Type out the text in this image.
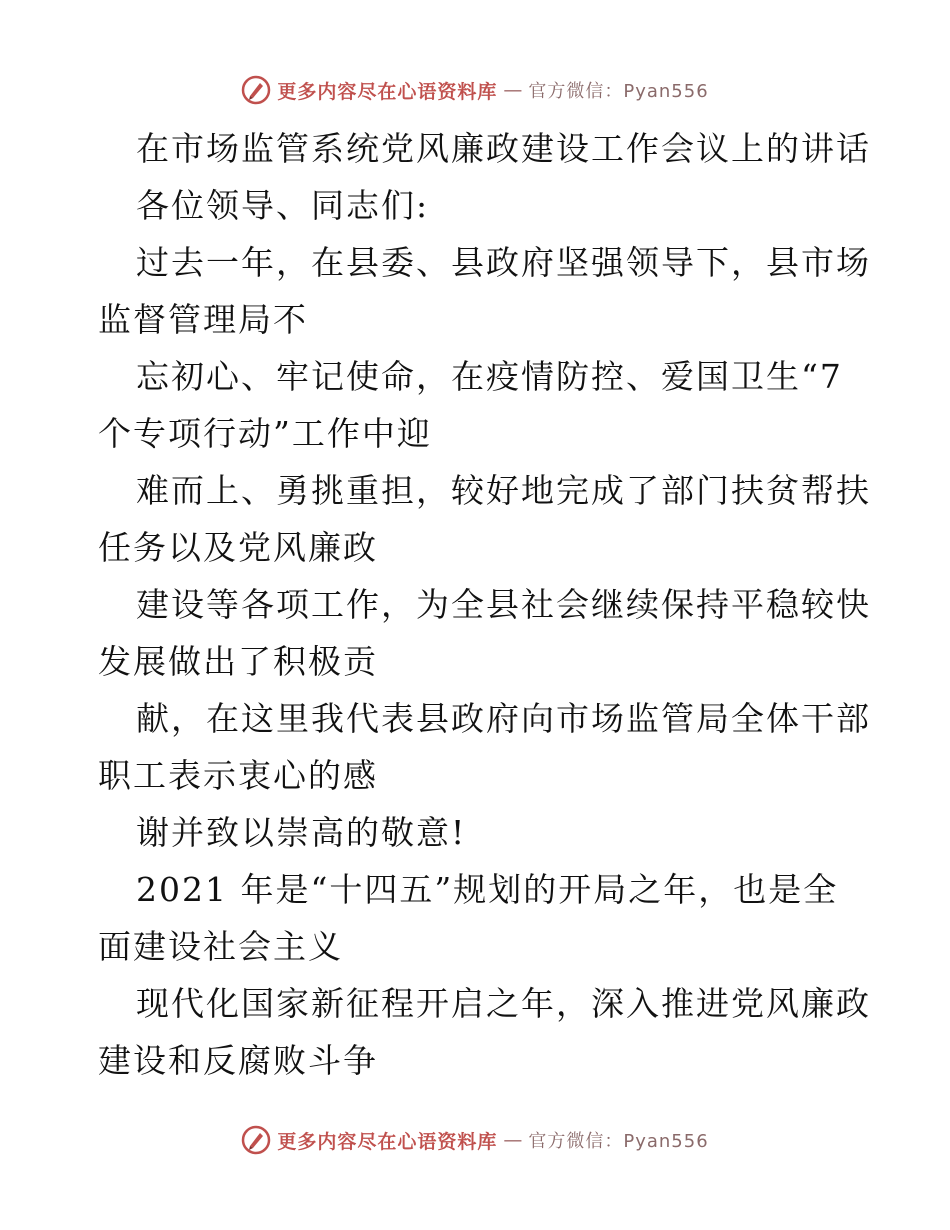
更多内容尽在心语资料库 — 官方微信：Pyan556
在市场监管系统党风廉政建设工作会议上的讲话
各位领导、同志们:
过去一年，在县委、县政府坚强领导下，县市场
监督管理局不
忘初心、牢记使命，在疫情防控、爱国卫生“7
个专项行动”工作中迎
难而上、勇挑重担，较好地完成了部门扶贫帮扶
任务以及党风廉政
建设等各项工作，为全县社会继续保持平稳较快
发展做出了积极贡
献，在这里我代表县政府向市场监管局全体干部
职工表示衷心的感
谢并致以崇高的敬意!
2021 年是“十四五”规划的开局之年，也是全
面建设社会主义
现代化国家新征程开启之年，深入推进党风廉政
建设和反腐败斗争
更多内容尽在心语资料库 — 官方微信：Pyan556
